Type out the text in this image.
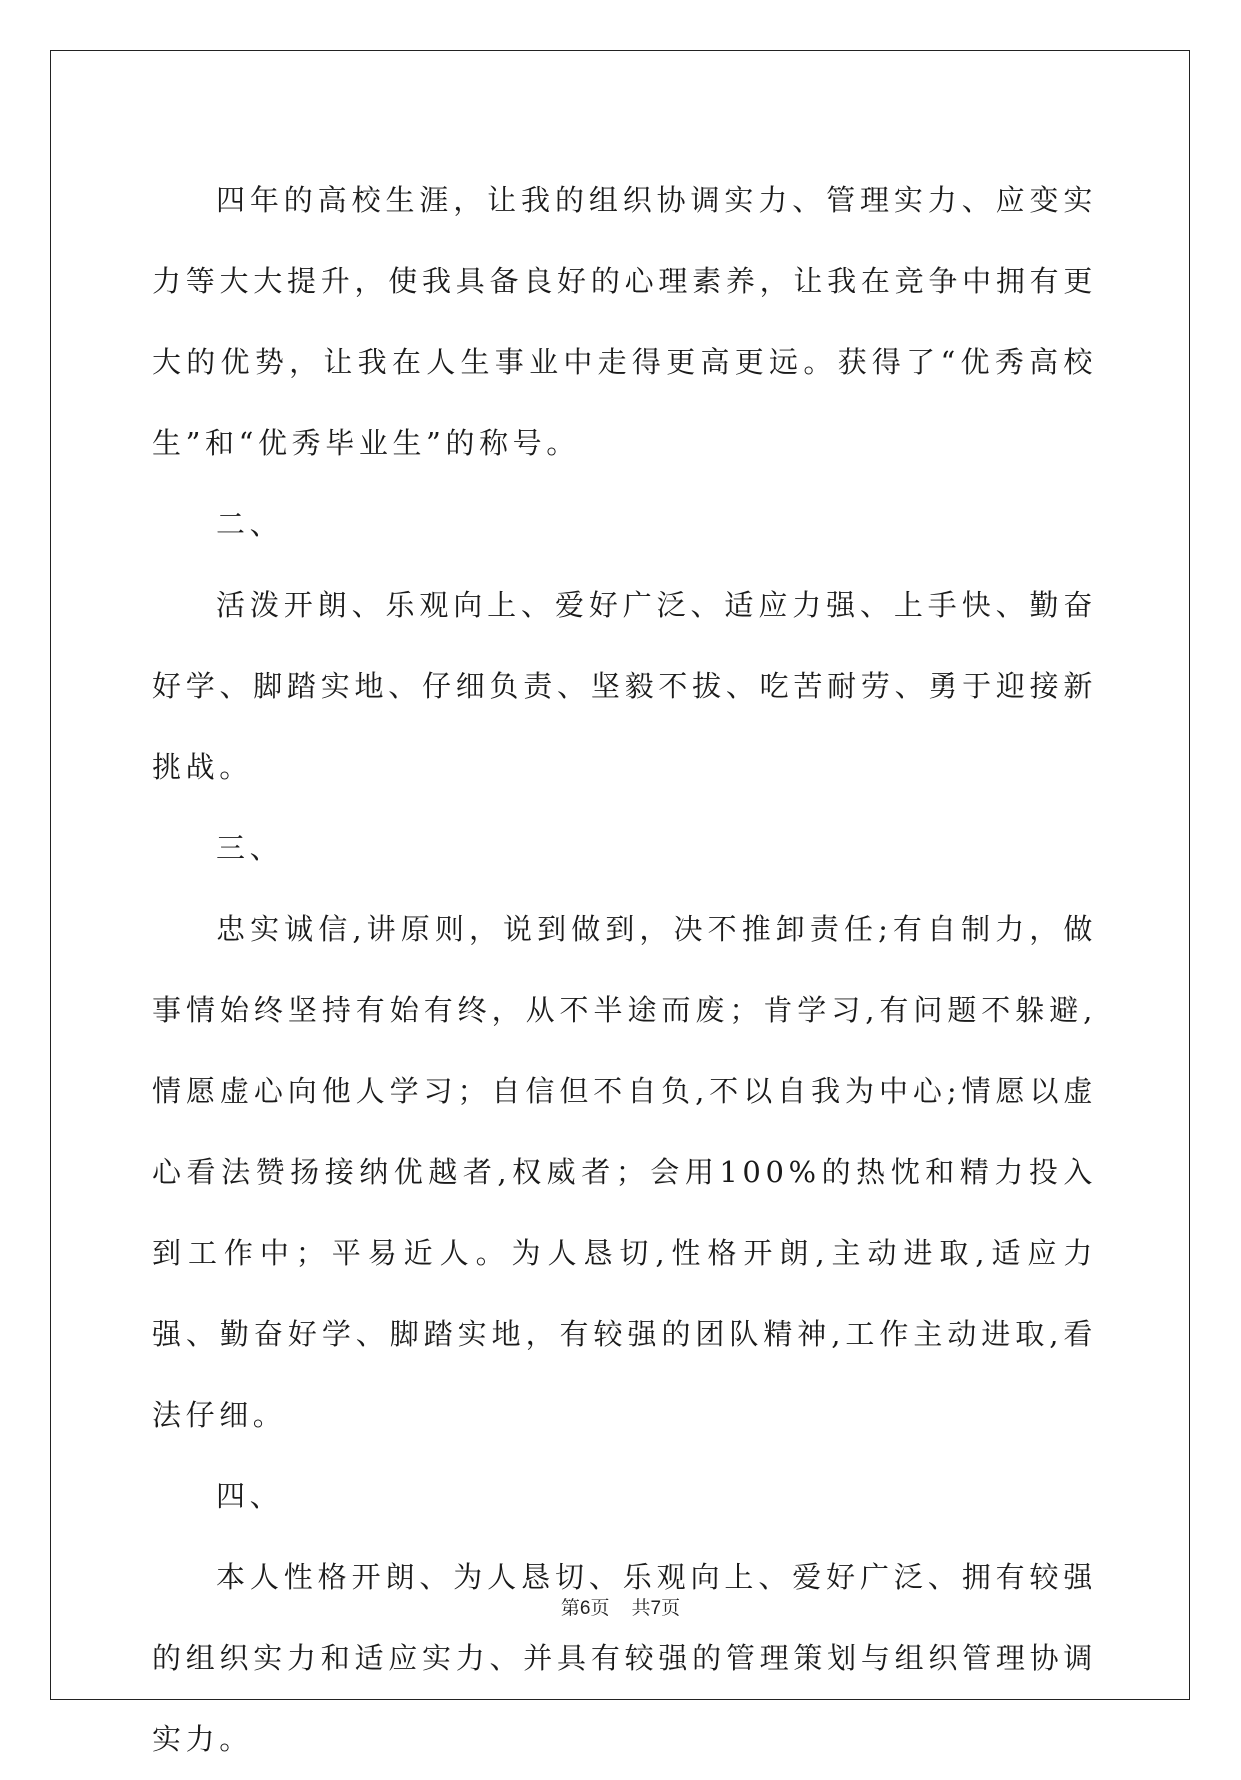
四年的高校生涯，让我的组织协调实力、管理实力、应变实力等大大提升，使我具备良好的心理素养，让我在竞争中拥有更大的优势，让我在人生事业中走得更高更远。获得了“优秀高校生”和“优秀毕业生”的称号。

二、

活泼开朗、乐观向上、爱好广泛、适应力强、上手快、勤奋好学、脚踏实地、仔细负责、坚毅不拔、吃苦耐劳、勇于迎接新挑战。

三、

忠实诚信,讲原则，说到做到，决不推卸责任;有自制力，做事情始终坚持有始有终，从不半途而废；肯学习,有问题不躲避,情愿虚心向他人学习；自信但不自负,不以自我为中心;情愿以虚心看法赞扬接纳优越者,权威者；会用100%的热忱和精力投入到工作中；平易近人。为人恳切,性格开朗,主动进取,适应力强、勤奋好学、脚踏实地，有较强的团队精神,工作主动进取,看法仔细。

四、

本人性格开朗、为人恳切、乐观向上、爱好广泛、拥有较强的组织实力和适应实力、并具有较强的管理策划与组织管理协调实力。

第6页 共7页
